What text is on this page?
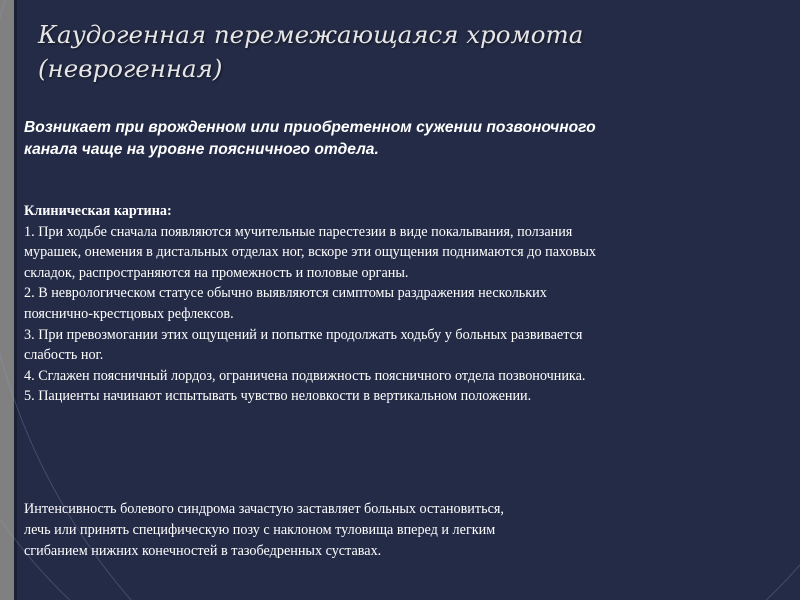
Каудогенная перемежающаяся хромота
(неврогенная)

Возникает при врожденном или приобретенном сужении позвоночного
канала чаще на уровне поясничного отдела.

Клиническая картина:
1. При ходьбе сначала появляются мучительные парестезии в виде покалывания, ползания
мурашек, онемения в дистальных отделах ног, вскоре эти ощущения поднимаются до паховых
складок, распространяются на промежность и половые органы.
2. В неврологическом статусе обычно выявляются симптомы раздражения нескольких
пояснично-крестцовых рефлексов.
3. При превозмогании этих ощущений и попытке продолжать ходьбу у больных развивается
слабость ног.
4. Сглажен поясничный лордоз, ограничена подвижность поясничного отдела позвоночника.
5. Пациенты начинают испытывать чувство неловкости в вертикальном положении.

Интенсивность болевого синдрома зачастую заставляет больных остановиться,
лечь или принять специфическую позу с наклоном туловища вперед и легким
сгибанием нижних конечностей в тазобедренных суставах.
